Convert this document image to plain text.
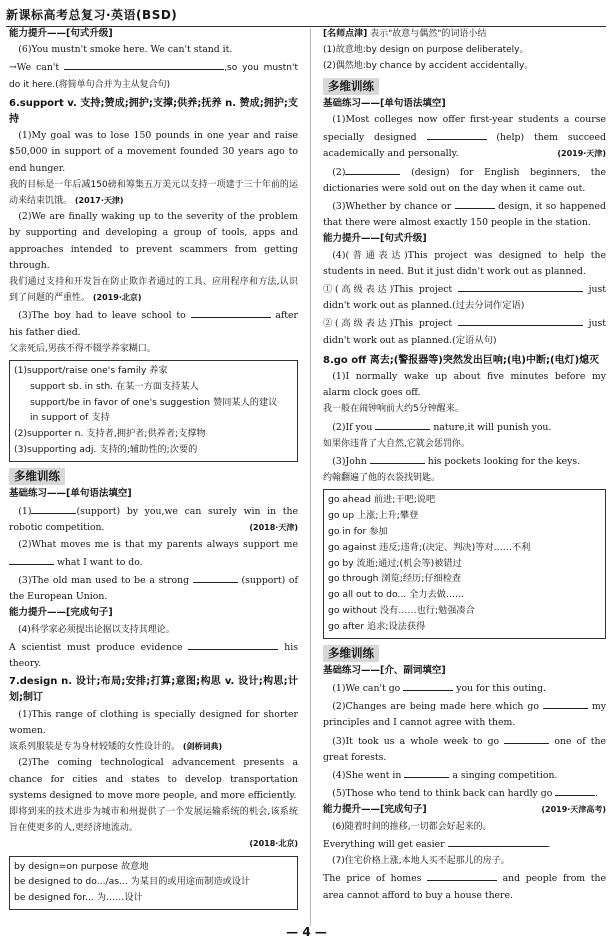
新课标高考总复习·英语(BSD)

能力提升——[句式升级]

(6)You mustn't smoke here. We can't stand it.

→We can't	,so you mustn't do it here.(将简单句合并为主从复合句)

6.support v. 支持;赞成;拥护;支撑;供养;抚养 n. 赞成;拥护;支持

(1)My goal was to lose 150 pounds in one year and raise $50,000 in support of a movement founded 30 years ago to end hunger.

我的目标是一年后减150磅和筹集五万美元以支持一项建于三十年前的运动来结束饥饿。 (2017·天津)

(2)We are finally waking up to the severity of the problem by supporting and developing a group of tools, apps and approaches intended to prevent scammers from getting through.

我们通过支持和开发旨在防止欺诈者通过的工具、应用程序和方法,认识到了问题的严重性。 (2019·北京)

(3)The boy had to leave school to	after his father died.

父亲死后,男孩不得不辍学养家糊口。

(1)support/raise one's family 养家
support sb. in sth. 在某一方面支持某人
support/be in favor of one's suggestion 赞同某人的建议
in support of 支持
(2)supporter n. 支持者,拥护者;供养者;支撑物
(3)supporting adj. 支持的;辅助性的;次要的
多维训练

基础练习——[单句语法填空]

(1)	(support) by you,we can surely win in the robotic competition.	(2018·天津)

(2)What moves me is that my parents always support me  what I want to do.

(3)The old man used to be a strong	(support) of the European Union.

能力提升——[完成句子]

(4)科学家必须提出论据以支持其理论。

A scientist must produce evidence	his theory.

7.design n. 设计;布局;安排;打算;意图;构思 v. 设计;构思;计划;制订

(1)This range of clothing is specially designed for shorter women.

该系列服装是专为身材较矮的女性设计的。 (剑桥词典)

(2)The coming technological advancement presents a chance for cities and states to develop transportation systems designed to move more people, and more efficiently.

即将到来的技术进步为城市和州提供了一个发展运输系统的机会,该系统旨在使更多的人,更经济地流动。

(2018·北京)

by design=on purpose 故意地
be designed to do.../as... 为某目的或用途而制造或设计
be designed for... 为……设计

[名师点津] 表示"故意与偶然"的词语小结

(1)故意地:by design on purpose deliberately。

(2)偶然地:by chance by accident accidentally。

多维训练

基础练习——[单句语法填空]

(1)Most colleges now offer first-year students a course specially designed	(help) them succeed academically and personally.	(2019·天津)

(2)	(design) for English beginners, the dictionaries were sold out on the day when it came out.

(3)Whether by chance or	design, it so happened that there were almost exactly 150 people in the station.

能力提升——[句式升级]

(4)(普通表达)This project was designed to help the students in need. But it just didn't work out as planned.

①(高级表达)This project	just didn't work out as planned.(过去分词作定语)

②(高级表达)This project	just didn't work out as planned.(定语从句)

8.go off 离去;(警报器等)突然发出巨响;(电)中断;(电灯)熄灭

(1)I normally wake up about five minutes before my alarm clock goes off.

我一般在闹钟响前大约5分钟醒来。

(2)If you	nature,it will punish you.

如果你违背了大自然,它就会惩罚你。

(3)John	his pockets looking for the keys.

约翰翻遍了他的衣袋找钥匙。

go ahead 前进;干吧;说吧
go up 上涨;上升;攀登
go in for 参加
go against 违反;违背;(决定、判决)等对……不利
go by 流逝;通过;(机会等)被错过
go through 浏览;经历;仔细检查
go all out to do... 全力去做……
go without 没有……也行;勉强凑合
go after 追求;设法获得
多维训练

基础练习——[介、副词填空]

(1)We can't go	you for this outing.

(2)Changes are being made here which go	my principles and I cannot agree with them.

(3)It took us a whole week to go	one of the great forests.

(4)She went in	a singing competition.

(5)Those who tend to think back can hardly go	.
(2019·天津高考)

能力提升——[完成句子]

(6)随着时间的推移,一切都会好起来的。

Everything will get easier	.

(7)住宅价格上涨,本地人买不起那儿的房子。

The price of homes	and people from the area cannot afford to buy a house there.

— 4 —
